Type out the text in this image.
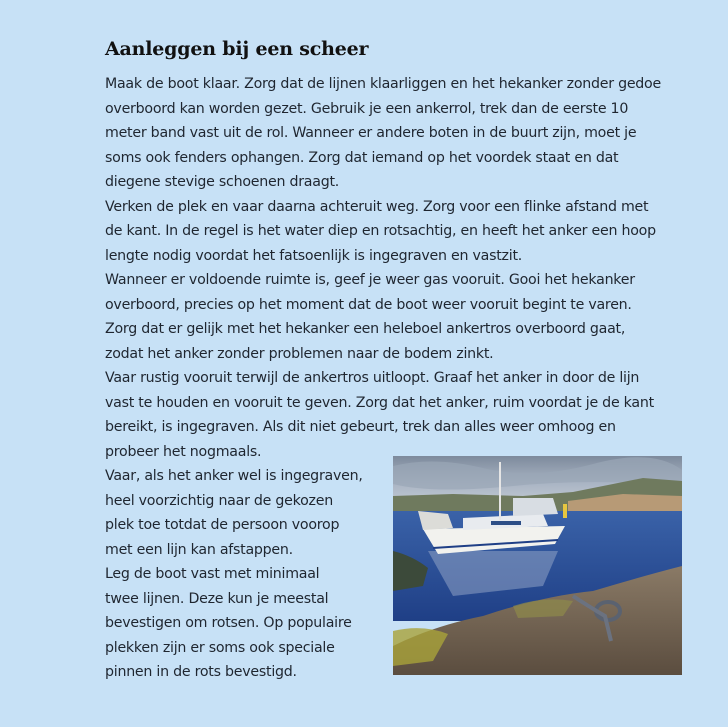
Aanleggen bij een scheer

Maak de boot klaar. Zorg dat de lijnen klaarliggen en het hekanker zonder gedoe

overboord kan worden gezet. Gebruik je een ankerrol, trek dan de eerste 10

meter band vast uit de rol. Wanneer er andere boten in de buurt zijn, moet je

soms ook fenders ophangen. Zorg dat iemand op het voordek staat en dat

diegene stevige schoenen draagt.

Verken de plek en vaar daarna achteruit weg. Zorg voor een flinke afstand met

de kant. In de regel is het water diep en rotsachtig, en heeft het anker een hoop

lengte nodig voordat het fatsoenlijk is ingegraven en vastzit.

Wanneer er voldoende ruimte is, geef je weer gas vooruit. Gooi het hekanker

overboord, precies op het moment dat de boot weer vooruit begint te varen.

Zorg dat er gelijk met het hekanker een heleboel ankertros overboord gaat,

zodat het anker zonder problemen naar de bodem zinkt.

Vaar rustig vooruit terwijl de ankertros uitloopt. Graaf het anker in door de lijn

vast te houden en vooruit te geven. Zorg dat het anker, ruim voordat je de kant

bereikt, is ingegraven. Als dit niet gebeurt, trek dan alles weer omhoog en

probeer het nogmaals.

Vaar, als het anker wel is ingegraven,

heel voorzichtig naar de gekozen

plek toe totdat de persoon voorop

met een lijn kan afstappen.

Leg de boot vast met minimaal

twee lijnen. Deze kun je meestal

bevestigen om rotsen. Op populaire

plekken zijn er soms ook speciale

pinnen in de rots bevestigd.
